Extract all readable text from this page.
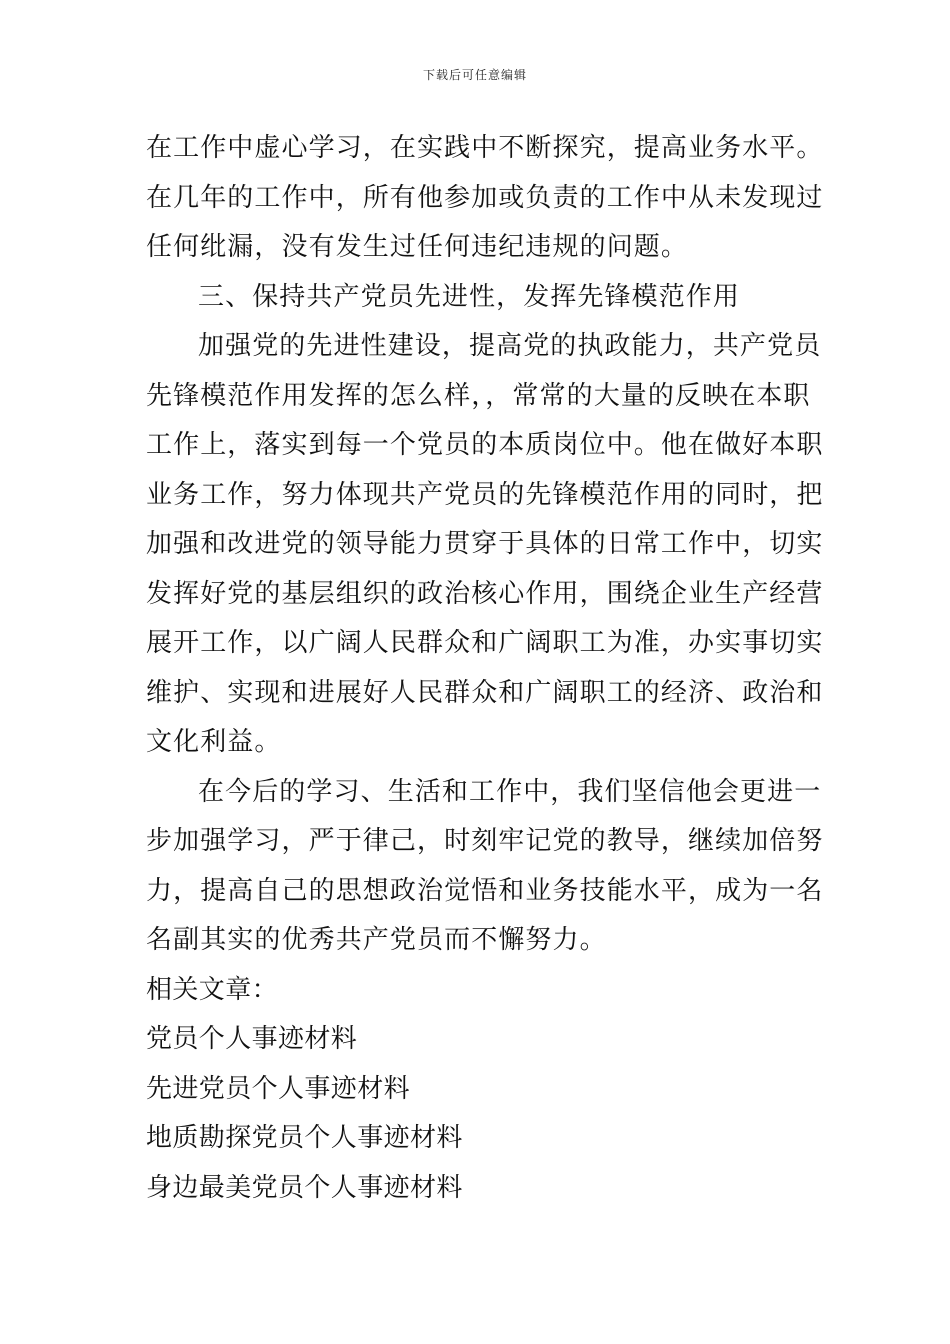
下载后可任意编辑
在工作中虚心学习，在实践中不断探究，提高业务水平。
在几年的工作中，所有他参加或负责的工作中从未发现过
任何纰漏，没有发生过任何违纪违规的问题。
三、保持共产党员先进性，发挥先锋模范作用
加强党的先进性建设，提高党的执政能力，共产党员
先锋模范作用发挥的怎么样，，常常的大量的反映在本职
工作上，落实到每一个党员的本质岗位中。他在做好本职
业务工作，努力体现共产党员的先锋模范作用的同时，把
加强和改进党的领导能力贯穿于具体的日常工作中，切实
发挥好党的基层组织的政治核心作用，围绕企业生产经营
展开工作，以广阔人民群众和广阔职工为准，办实事切实
维护、实现和进展好人民群众和广阔职工的经济、政治和
文化利益。
在今后的学习、生活和工作中，我们坚信他会更进一
步加强学习，严于律己，时刻牢记党的教导，继续加倍努
力，提高自己的思想政治觉悟和业务技能水平，成为一名
名副其实的优秀共产党员而不懈努力。
相关文章：
党员个人事迹材料
先进党员个人事迹材料
地质勘探党员个人事迹材料
身边最美党员个人事迹材料
